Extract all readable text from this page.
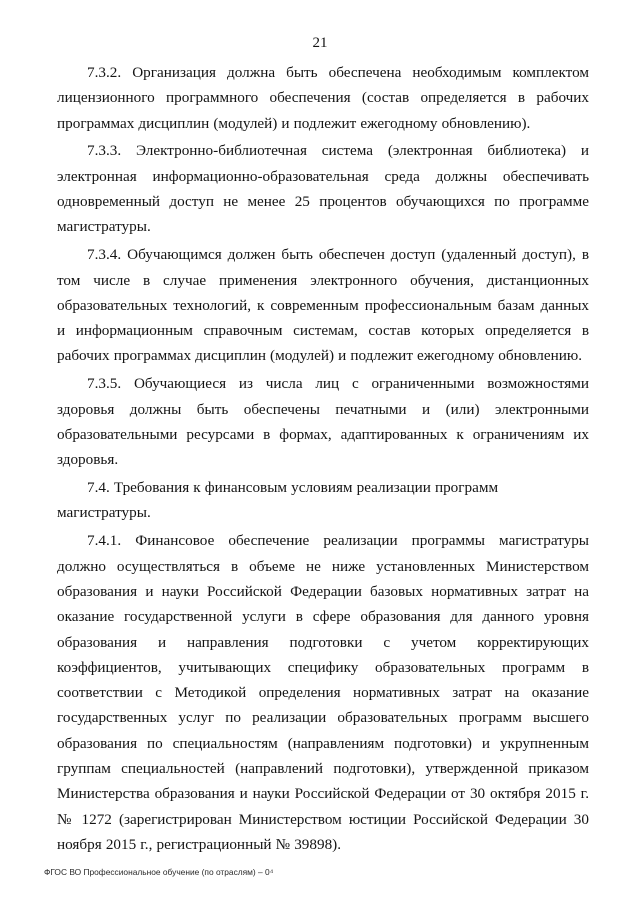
21

7.3.2. Организация должна быть обеспечена необходимым комплектом лицензионного программного обеспечения (состав определяется в рабочих программах дисциплин (модулей) и подлежит ежегодному обновлению).

7.3.3. Электронно-библиотечная система (электронная библиотека) и электронная информационно-образовательная среда должны обеспечивать одновременный доступ не менее 25 процентов обучающихся по программе магистратуры.

7.3.4. Обучающимся должен быть обеспечен доступ (удаленный доступ), в том числе в случае применения электронного обучения, дистанционных образовательных технологий, к современным профессиональным базам данных и информационным справочным системам, состав которых определяется в рабочих программах дисциплин (модулей) и подлежит ежегодному обновлению.

7.3.5. Обучающиеся из числа лиц с ограниченными возможностями здоровья должны быть обеспечены печатными и (или) электронными образовательными ресурсами в формах, адаптированных к ограничениям их здоровья.

7.4. Требования к финансовым условиям реализации программ магистратуры.

7.4.1. Финансовое обеспечение реализации программы магистратуры должно осуществляться в объеме не ниже установленных Министерством образования и науки Российской Федерации базовых нормативных затрат на оказание государственной услуги в сфере образования для данного уровня образования и направления подготовки с учетом корректирующих коэффициентов, учитывающих специфику образовательных программ в соответствии с Методикой определения нормативных затрат на оказание государственных услуг по реализации образовательных программ высшего образования по специальностям (направлениям подготовки) и укрупненным группам специальностей (направлений подготовки), утвержденной приказом Министерства образования и науки Российской Федерации от 30 октября 2015 г. № 1272 (зарегистрирован Министерством юстиции Российской Федерации 30 ноября 2015 г., регистрационный № 39898).

ФГОС ВО Профессиональное обучение (по отраслям) – 0⁴
